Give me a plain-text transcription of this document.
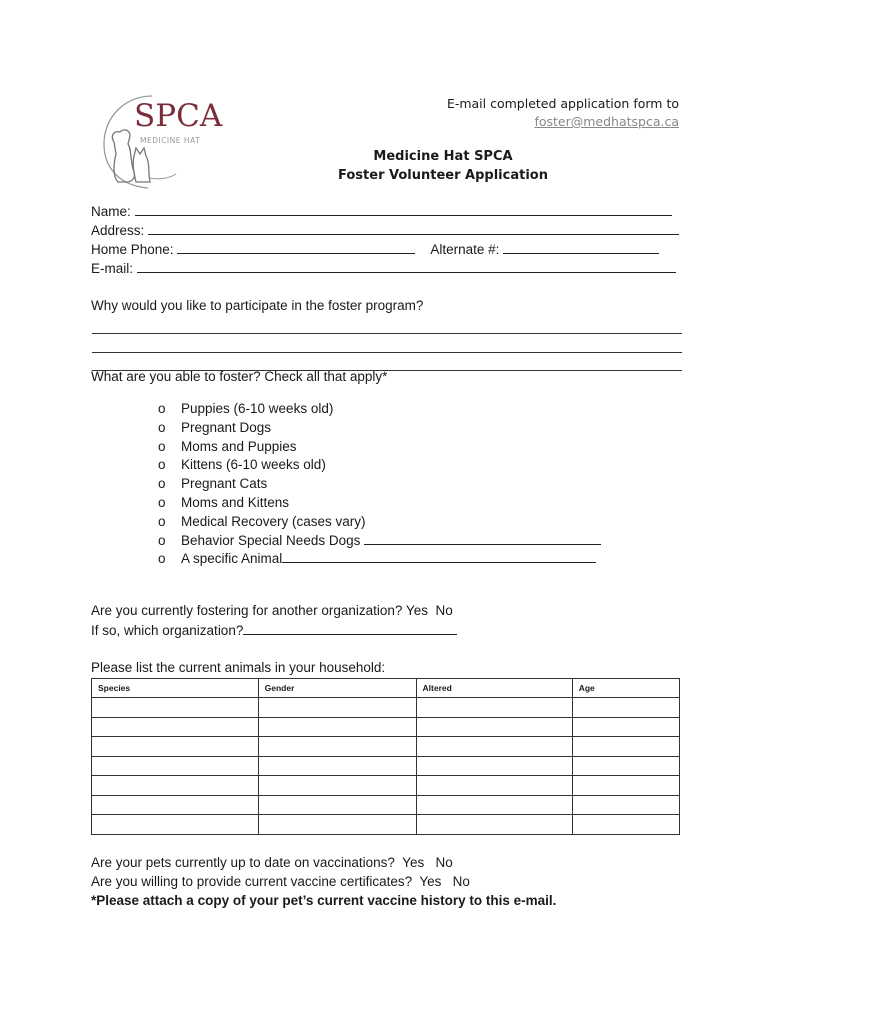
SPCA
MEDICINE HAT
E-mail completed application form to
foster@medhatspca.ca
Medicine Hat SPCA
Foster Volunteer Application
Name:
Address:
Home Phone:	Alternate #:
E-mail:
Why would you like to participate in the foster program?
What are you able to foster? Check all that apply*
o Puppies (6-10 weeks old)
o Pregnant Dogs
o Moms and Puppies
o Kittens (6-10 weeks old)
o Pregnant Cats
o Moms and Kittens
o Medical Recovery (cases vary)
o Behavior Special Needs Dogs
o A specific Animal
Are you currently fostering for another organization? Yes  No
If so, which organization?
Please list the current animals in your household:
Species	Gender	Altered	Age

Are your pets currently up to date on vaccinations?  Yes   No
Are you willing to provide current vaccine certificates?  Yes   No
*Please attach a copy of your pet’s current vaccine history to this e-mail.
